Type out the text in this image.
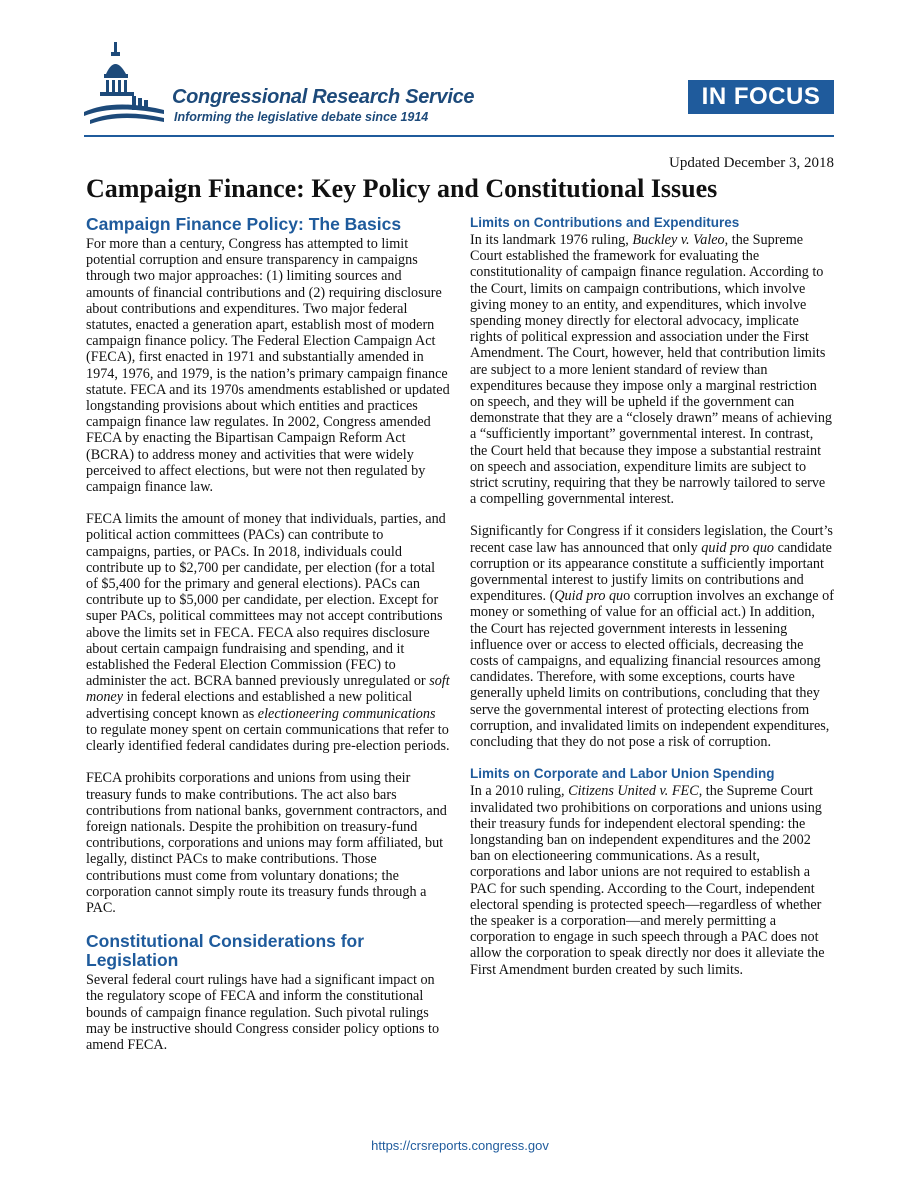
Congressional Research Service
Informing the legislative debate since 1914
IN FOCUS
Updated December 3, 2018
Campaign Finance: Key Policy and Constitutional Issues
Campaign Finance Policy: The Basics

For more than a century, Congress has attempted to limit potential corruption and ensure transparency in campaigns through two major approaches: (1) limiting sources and amounts of financial contributions and (2) requiring disclosure about contributions and expenditures. Two major federal statutes, enacted a generation apart, establish most of modern campaign finance policy. The Federal Election Campaign Act (FECA), first enacted in 1971 and substantially amended in 1974, 1976, and 1979, is the nation’s primary campaign finance statute. FECA and its 1970s amendments established or updated longstanding provisions about which entities and practices campaign finance law regulates. In 2002, Congress amended FECA by enacting the Bipartisan Campaign Reform Act (BCRA) to address money and activities that were widely perceived to affect elections, but were not then regulated by campaign finance law.

FECA limits the amount of money that individuals, parties, and political action committees (PACs) can contribute to campaigns, parties, or PACs. In 2018, individuals could contribute up to $2,700 per candidate, per election (for a total of $5,400 for the primary and general elections). PACs can contribute up to $5,000 per candidate, per election. Except for super PACs, political committees may not accept contributions above the limits set in FECA. FECA also requires disclosure about certain campaign fundraising and spending, and it established the Federal Election Commission (FEC) to administer the act. BCRA banned previously unregulated or soft money in federal elections and established a new political advertising concept known as electioneering communications to regulate money spent on certain communications that refer to clearly identified federal candidates during pre-election periods.

FECA prohibits corporations and unions from using their treasury funds to make contributions. The act also bars contributions from national banks, government contractors, and foreign nationals. Despite the prohibition on treasury-fund contributions, corporations and unions may form affiliated, but legally, distinct PACs to make contributions. Those contributions must come from voluntary donations; the corporation cannot simply route its treasury funds through a PAC.

Constitutional Considerations for Legislation

Several federal court rulings have had a significant impact on the regulatory scope of FECA and inform the constitutional bounds of campaign finance regulation. Such pivotal rulings may be instructive should Congress consider policy options to amend FECA.

Limits on Contributions and Expenditures

In its landmark 1976 ruling, Buckley v. Valeo, the Supreme Court established the framework for evaluating the constitutionality of campaign finance regulation. According to the Court, limits on campaign contributions, which involve giving money to an entity, and expenditures, which involve spending money directly for electoral advocacy, implicate rights of political expression and association under the First Amendment. The Court, however, held that contribution limits are subject to a more lenient standard of review than expenditures because they impose only a marginal restriction on speech, and they will be upheld if the government can demonstrate that they are a “closely drawn” means of achieving a “sufficiently important” governmental interest. In contrast, the Court held that because they impose a substantial restraint on speech and association, expenditure limits are subject to strict scrutiny, requiring that they be narrowly tailored to serve a compelling governmental interest.

Significantly for Congress if it considers legislation, the Court’s recent case law has announced that only quid pro quo candidate corruption or its appearance constitute a sufficiently important governmental interest to justify limits on contributions and expenditures. (Quid pro quo corruption involves an exchange of money or something of value for an official act.) In addition, the Court has rejected government interests in lessening influence over or access to elected officials, decreasing the costs of campaigns, and equalizing financial resources among candidates. Therefore, with some exceptions, courts have generally upheld limits on contributions, concluding that they serve the governmental interest of protecting elections from corruption, and invalidated limits on independent expenditures, concluding that they do not pose a risk of corruption.

Limits on Corporate and Labor Union Spending

In a 2010 ruling, Citizens United v. FEC, the Supreme Court invalidated two prohibitions on corporations and unions using their treasury funds for independent electoral spending: the longstanding ban on independent expenditures and the 2002 ban on electioneering communications. As a result, corporations and labor unions are not required to establish a PAC for such spending. According to the Court, independent electoral spending is protected speech—regardless of whether the speaker is a corporation—and merely permitting a corporation to engage in such speech through a PAC does not allow the corporation to speak directly nor does it alleviate the First Amendment burden created by such limits.

https://crsreports.congress.gov
